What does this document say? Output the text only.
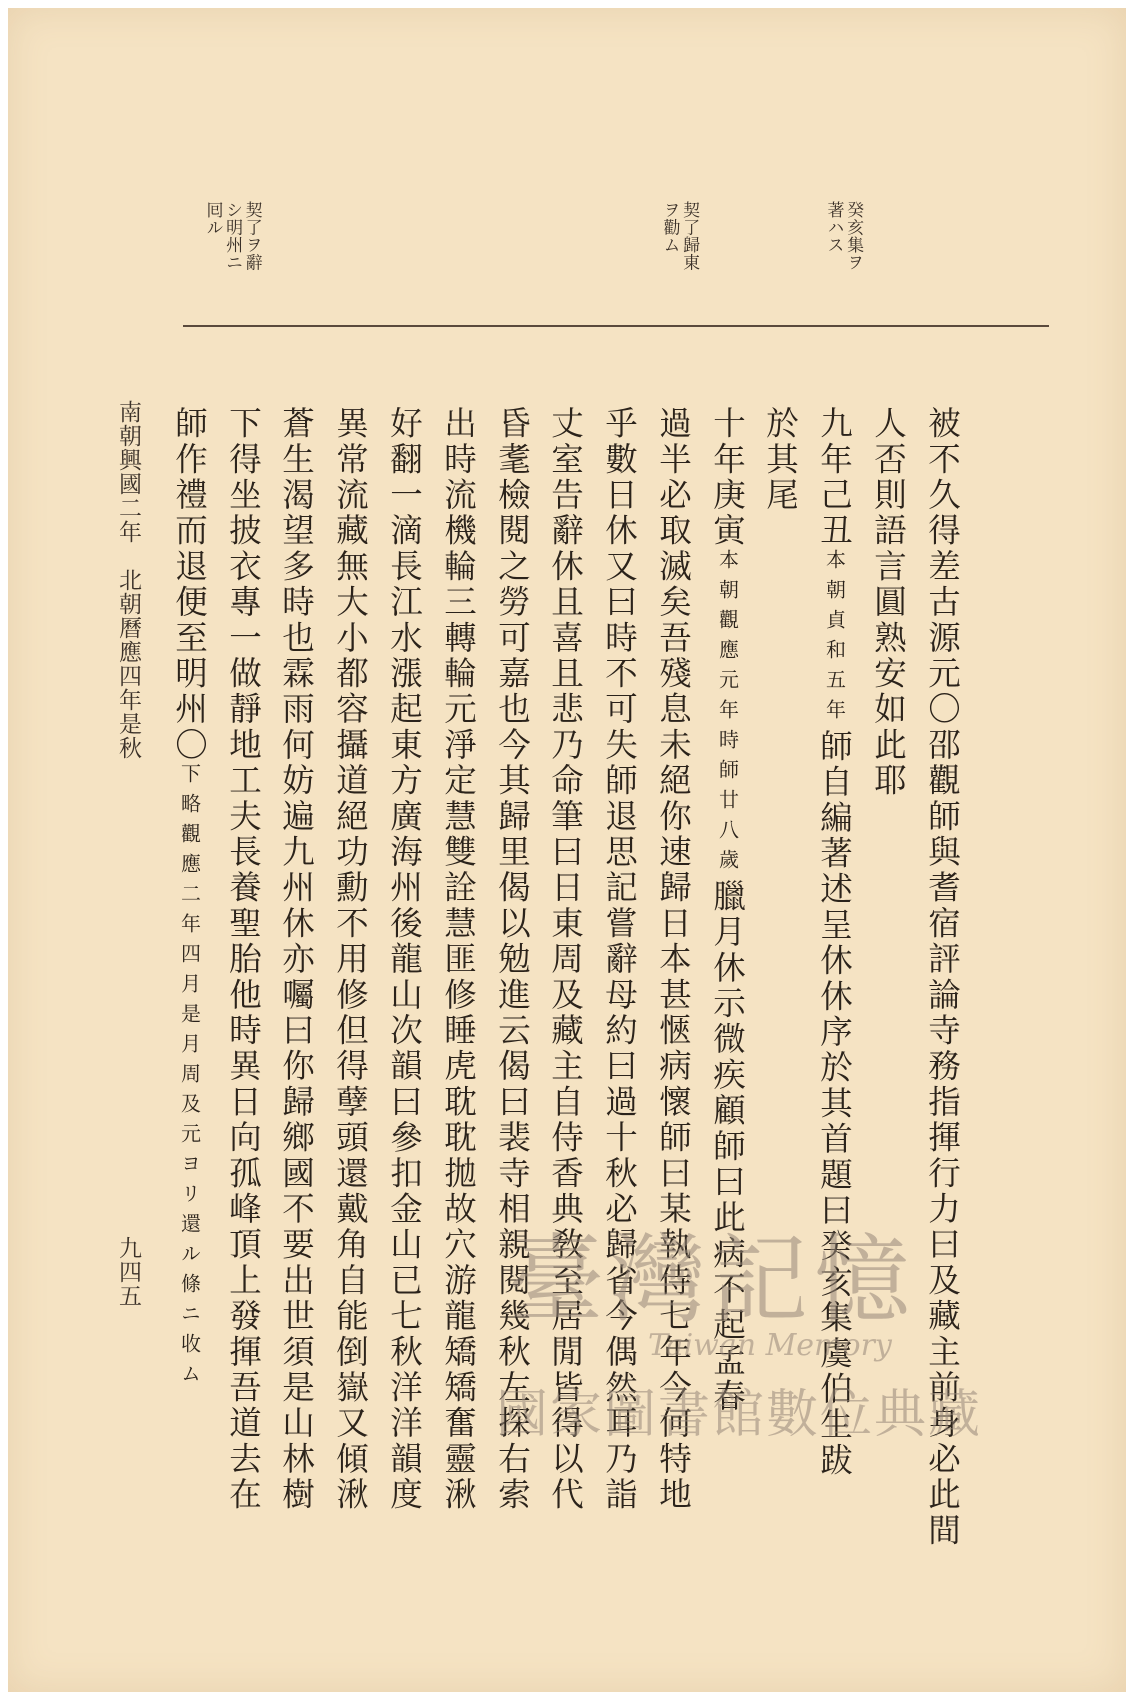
癸亥集ヲ
著ハス
契了歸東
ヲ勸ム
契了ヲ辭
シ明州ニ
囘ル
被不久得差古源元〇邵觀師與耆宿評論寺務指揮行力曰及藏主前身必此間
人否則語言圓熟安如此耶
九年己丑本朝貞和五年師自編著述呈休休序於其首題曰癸亥集虞伯生跋
於其尾
十年庚寅本朝觀應元年時師廿八歲臘月休示微疾顧師曰此病不起孟春
過半必取滅矣吾殘息未絕你速歸日本甚愜病懷師曰某執侍七年今何特地
乎數日休又曰時不可失師退思記嘗辭母約曰過十秋必歸省今偶然耳乃詣
丈室告辭休且喜且悲乃命筆曰日東周及藏主自侍香典敎至居閒皆得以代
昏耄檢閱之勞可嘉也今其歸里偈以勉進云偈曰裴寺相親閱幾秋左探右索
出時流機輪三轉輪元淨定慧雙詮慧匪修睡虎耽耽拋故穴游龍矯矯奮靈湫
好翻一滴長江水漲起東方廣海州後龍山次韻曰參扣金山已七秋洋洋韻度
異常流藏無大小都容攝道絕功勳不用修但得孽頭還戴角自能倒嶽又傾湫
蒼生渴望多時也霖雨何妨遍九州休亦囑曰你歸鄉國不要出世須是山林樹
下得坐披衣專一做靜地工夫長養聖胎他時異日向孤峰頂上發揮吾道去在
師作禮而退便至明州〇下略觀應二年四月是月周及元ヨリ還ル條ニ收ム
南朝興國二年　北朝曆應四年是秋
九四五	臺灣記憶
Taiwan Memory
國家圖書館數位典藏
